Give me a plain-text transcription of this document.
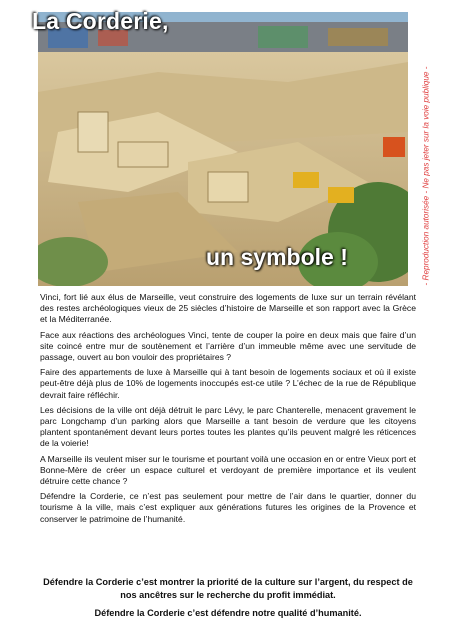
La Corderie,
un symbole !

Vinci, fort lié aux élus de Marseille, veut construire des logements de luxe sur un terrain révélant des restes archéologiques vieux de 25 siècles d’histoire de Marseille et son rapport avec la Grèce et la Méditerranée.

Face aux réactions des archéologues Vinci, tente de couper la poire en deux mais que faire d’un site coincé entre mur de soutènement et l’arrière d’un immeuble même avec une servitude de passage, ouvert au bon vouloir des propriétaires ?

Faire des appartements de luxe à Marseille qui à tant besoin de logements sociaux et où il existe peut-être déjà plus de 10% de logements inoccupés est-ce utile ? L’échec de la rue de République devrait faire réfléchir.

Les décisions de la ville ont déjà détruit le parc Lévy, le parc Chanterelle, menacent gravement le parc Longchamp d’un parking alors que Marseille a tant besoin de verdure que les citoyens plantent spontanément devant leurs portes toutes les plantes qu’ils peuvent malgré les réticences de la voierie!

A Marseille ils veulent miser sur le tourisme et pourtant voilà une occasion en or entre Vieux port et Bonne-Mère de créer un espace culturel et verdoyant de première importance et ils veulent détruire cette chance ?

Défendre la Corderie, ce n’est pas seulement pour mettre de l’air dans le quartier, donner du tourisme à la ville, mais c’est expliquer aux générations futures les origines de la Provence et conserver le patrimoine de l’humanité.

Défendre la Corderie c’est montrer la priorité de la culture sur l’argent, du respect de nos ancêtres sur le recherche du profit immédiat.

Défendre la Corderie c’est défendre notre qualité d’humanité.

- Reproduction autorisée - Ne pas jeter sur la voie publique -
